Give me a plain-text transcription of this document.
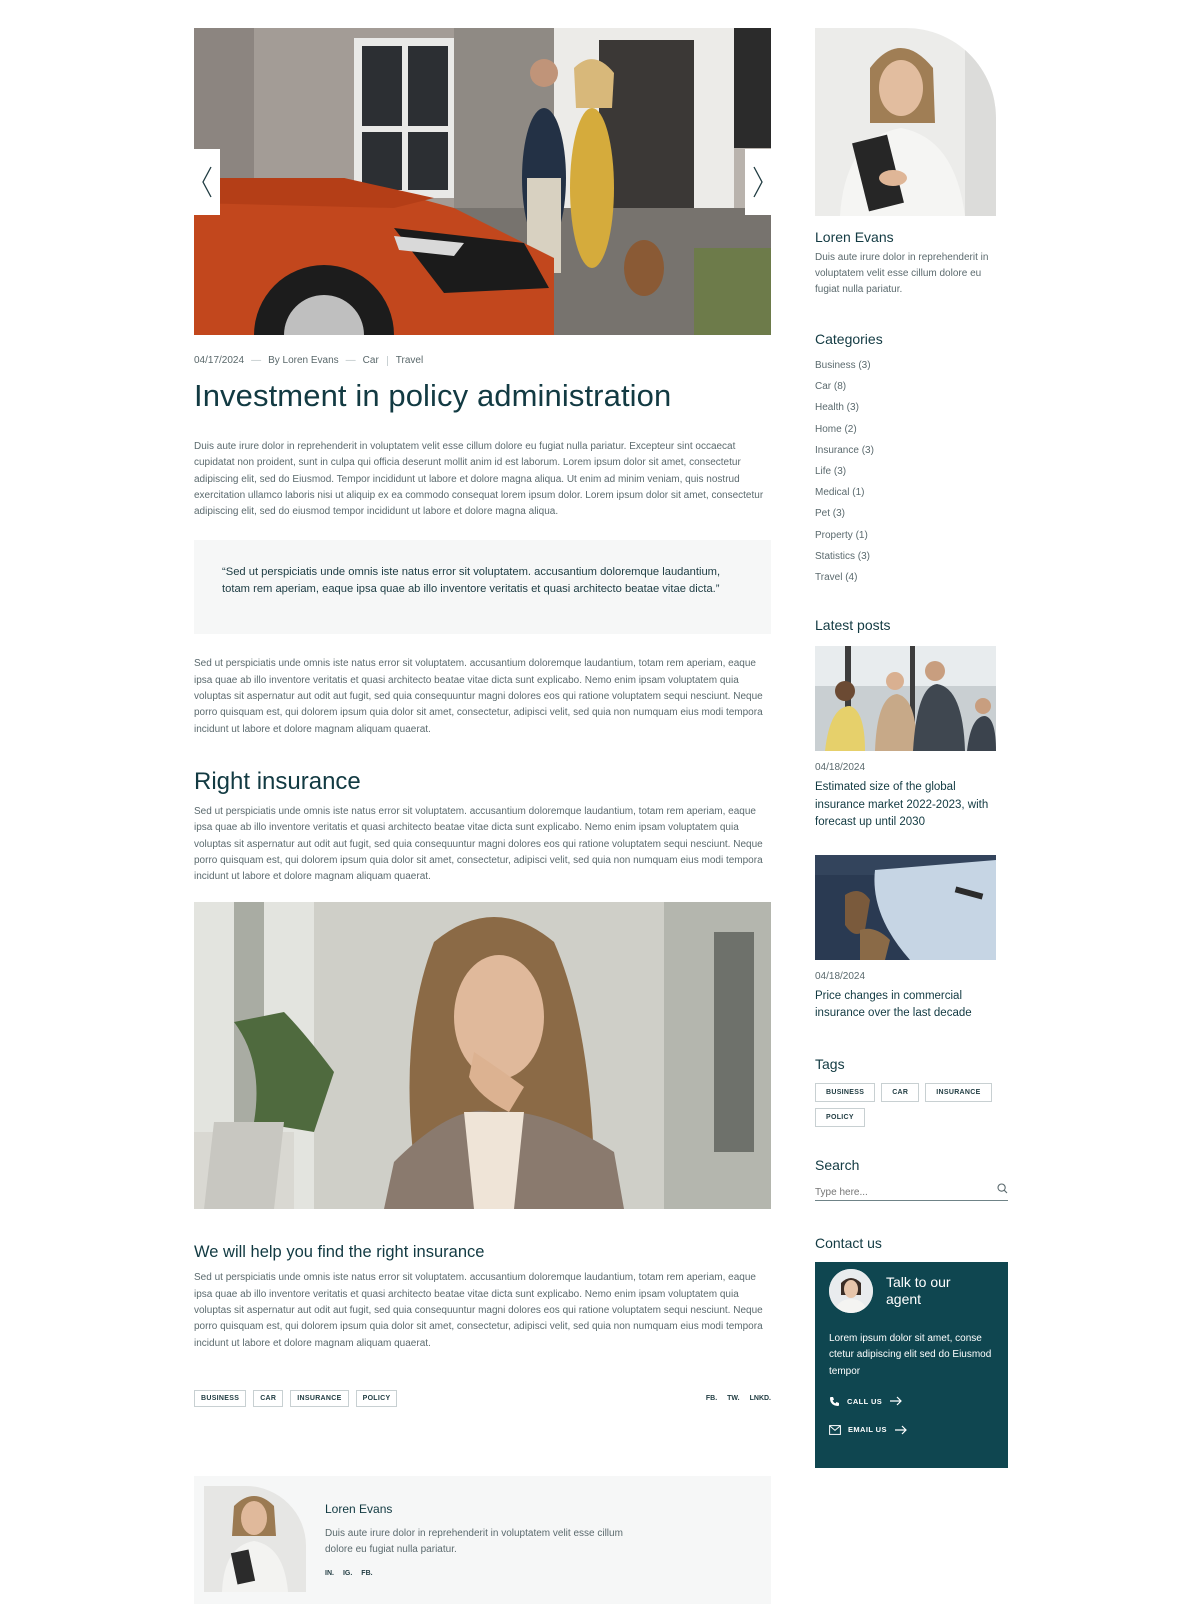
04/17/2024 — By Loren Evans — Car Travel
Investment in policy administration

Duis aute irure dolor in reprehenderit in voluptatem velit esse cillum dolore eu fugiat nulla pariatur. Excepteur sint occaecat cupidatat non proident, sunt in culpa qui officia deserunt mollit anim id est laborum. Lorem ipsum dolor sit amet, consectetur adipiscing elit, sed do Eiusmod. Tempor incididunt ut labore et dolore magna aliqua. Ut enim ad minim veniam, quis nostrud exercitation ullamco laboris nisi ut aliquip ex ea commodo consequat lorem ipsum dolor. Lorem ipsum dolor sit amet, consectetur adipiscing elit, sed do eiusmod tempor incididunt ut labore et dolore magna aliqua.

“Sed ut perspiciatis unde omnis iste natus error sit voluptatem. accusantium doloremque laudantium, totam rem aperiam, eaque ipsa quae ab illo inventore veritatis et quasi architecto beatae vitae dicta.”

Sed ut perspiciatis unde omnis iste natus error sit voluptatem. accusantium doloremque laudantium, totam rem aperiam, eaque ipsa quae ab illo inventore veritatis et quasi architecto beatae vitae dicta sunt explicabo. Nemo enim ipsam voluptatem quia voluptas sit aspernatur aut odit aut fugit, sed quia consequuntur magni dolores eos qui ratione voluptatem sequi nesciunt. Neque porro quisquam est, qui dolorem ipsum quia dolor sit amet, consectetur, adipisci velit, sed quia non numquam eius modi tempora incidunt ut labore et dolore magnam aliquam quaerat.

Right insurance

Sed ut perspiciatis unde omnis iste natus error sit voluptatem. accusantium doloremque laudantium, totam rem aperiam, eaque ipsa quae ab illo inventore veritatis et quasi architecto beatae vitae dicta sunt explicabo. Nemo enim ipsam voluptatem quia voluptas sit aspernatur aut odit aut fugit, sed quia consequuntur magni dolores eos qui ratione voluptatem sequi nesciunt. Neque porro quisquam est, qui dolorem ipsum quia dolor sit amet, consectetur, adipisci velit, sed quia non numquam eius modi tempora incidunt ut labore et dolore magnam aliquam quaerat.

We will help you find the right insurance

Sed ut perspiciatis unde omnis iste natus error sit voluptatem. accusantium doloremque laudantium, totam rem aperiam, eaque ipsa quae ab illo inventore veritatis et quasi architecto beatae vitae dicta sunt explicabo. Nemo enim ipsam voluptatem quia voluptas sit aspernatur aut odit aut fugit, sed quia consequuntur magni dolores eos qui ratione voluptatem sequi nesciunt. Neque porro quisquam est, qui dolorem ipsum quia dolor sit amet, consectetur, adipisci velit, sed quia non numquam eius modi tempora incidunt ut labore et dolore magnam aliquam quaerat.

BUSINESS	CAR	INSURANCE	POLICY	FB. TW. LNKD.
Loren Evans
Duis aute irure dolor in reprehenderit in voluptatem velit esse cillum dolore eu fugiat nulla pariatur.
IN. IG. FB.
Loren Evans
Duis aute irure dolor in reprehenderit in voluptatem velit esse cillum dolore eu fugiat nulla pariatur.
Categories
Business (3)
Car (8)
Health (3)
Home (2)
Insurance (3)
Life (3)
Medical (1)
Pet (3)
Property (1)
Statistics (3)
Travel (4)
Latest posts
04/18/2024
Estimated size of the global insurance market 2022-2023, with forecast up until 2030
04/18/2024
Price changes in commercial insurance over the last decade
Tags
BUSINESS	CAR	INSURANCE
POLICY
Search
Type here...
Contact us
Talk to our agent
Lorem ipsum dolor sit amet, conse ctetur adipiscing elit sed do Eiusmod tempor
CALL US
EMAIL US
